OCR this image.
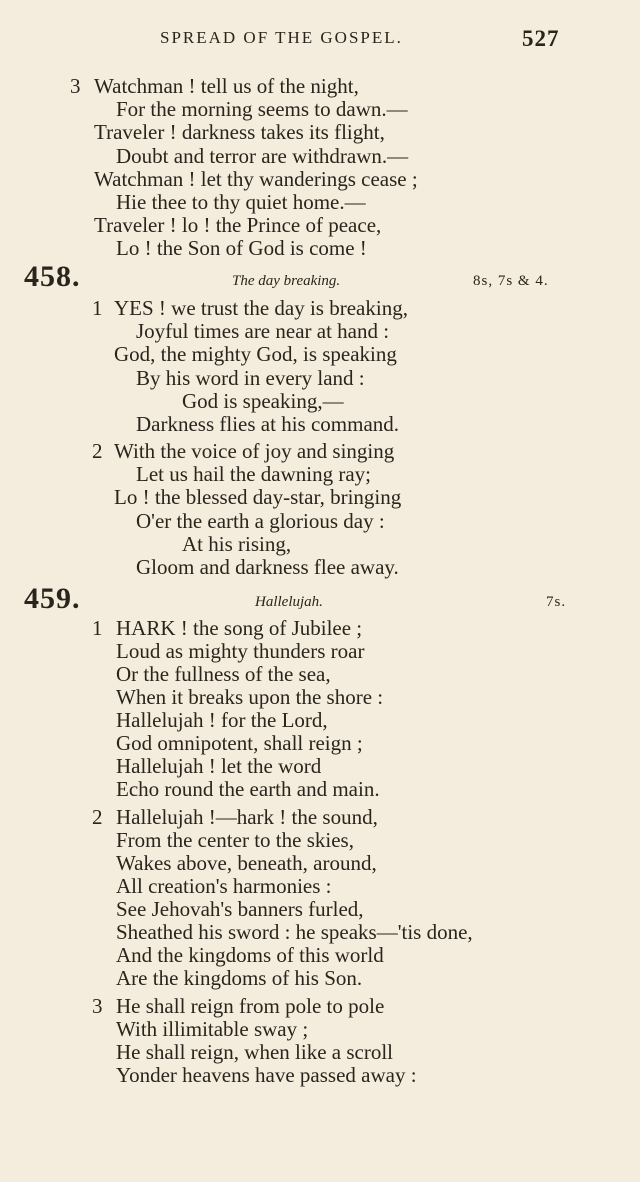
SPREAD OF THE GOSPEL.	527
3 Watchman ! tell us of the night,
For the morning seems to dawn.—
Traveler ! darkness takes its flight,
Doubt and terror are withdrawn.—
Watchman ! let thy wanderings cease ;
Hie thee to thy quiet home.—
Traveler ! lo ! the Prince of peace,
Lo ! the Son of God is come !
458.	The day breaking.	8s, 7s & 4.
1 YES ! we trust the day is breaking,
Joyful times are near at hand :
God, the mighty God, is speaking
By his word in every land :
God is speaking,—
Darkness flies at his command.
2 With the voice of joy and singing
Let us hail the dawning ray;
Lo ! the blessed day-star, bringing
O'er the earth a glorious day :
At his rising,
Gloom and darkness flee away.
459.	Hallelujah.	7s.
1 HARK ! the song of Jubilee ;
Loud as mighty thunders roar
Or the fullness of the sea,
When it breaks upon the shore :
Hallelujah ! for the Lord,
God omnipotent, shall reign ;
Hallelujah ! let the word
Echo round the earth and main.
2 Hallelujah !—hark ! the sound,
From the center to the skies,
Wakes above, beneath, around,
All creation's harmonies :
See Jehovah's banners furled,
Sheathed his sword : he speaks—'tis done,
And the kingdoms of this world
Are the kingdoms of his Son.
3 He shall reign from pole to pole
With illimitable sway ;
He shall reign, when like a scroll
Yonder heavens have passed away :
